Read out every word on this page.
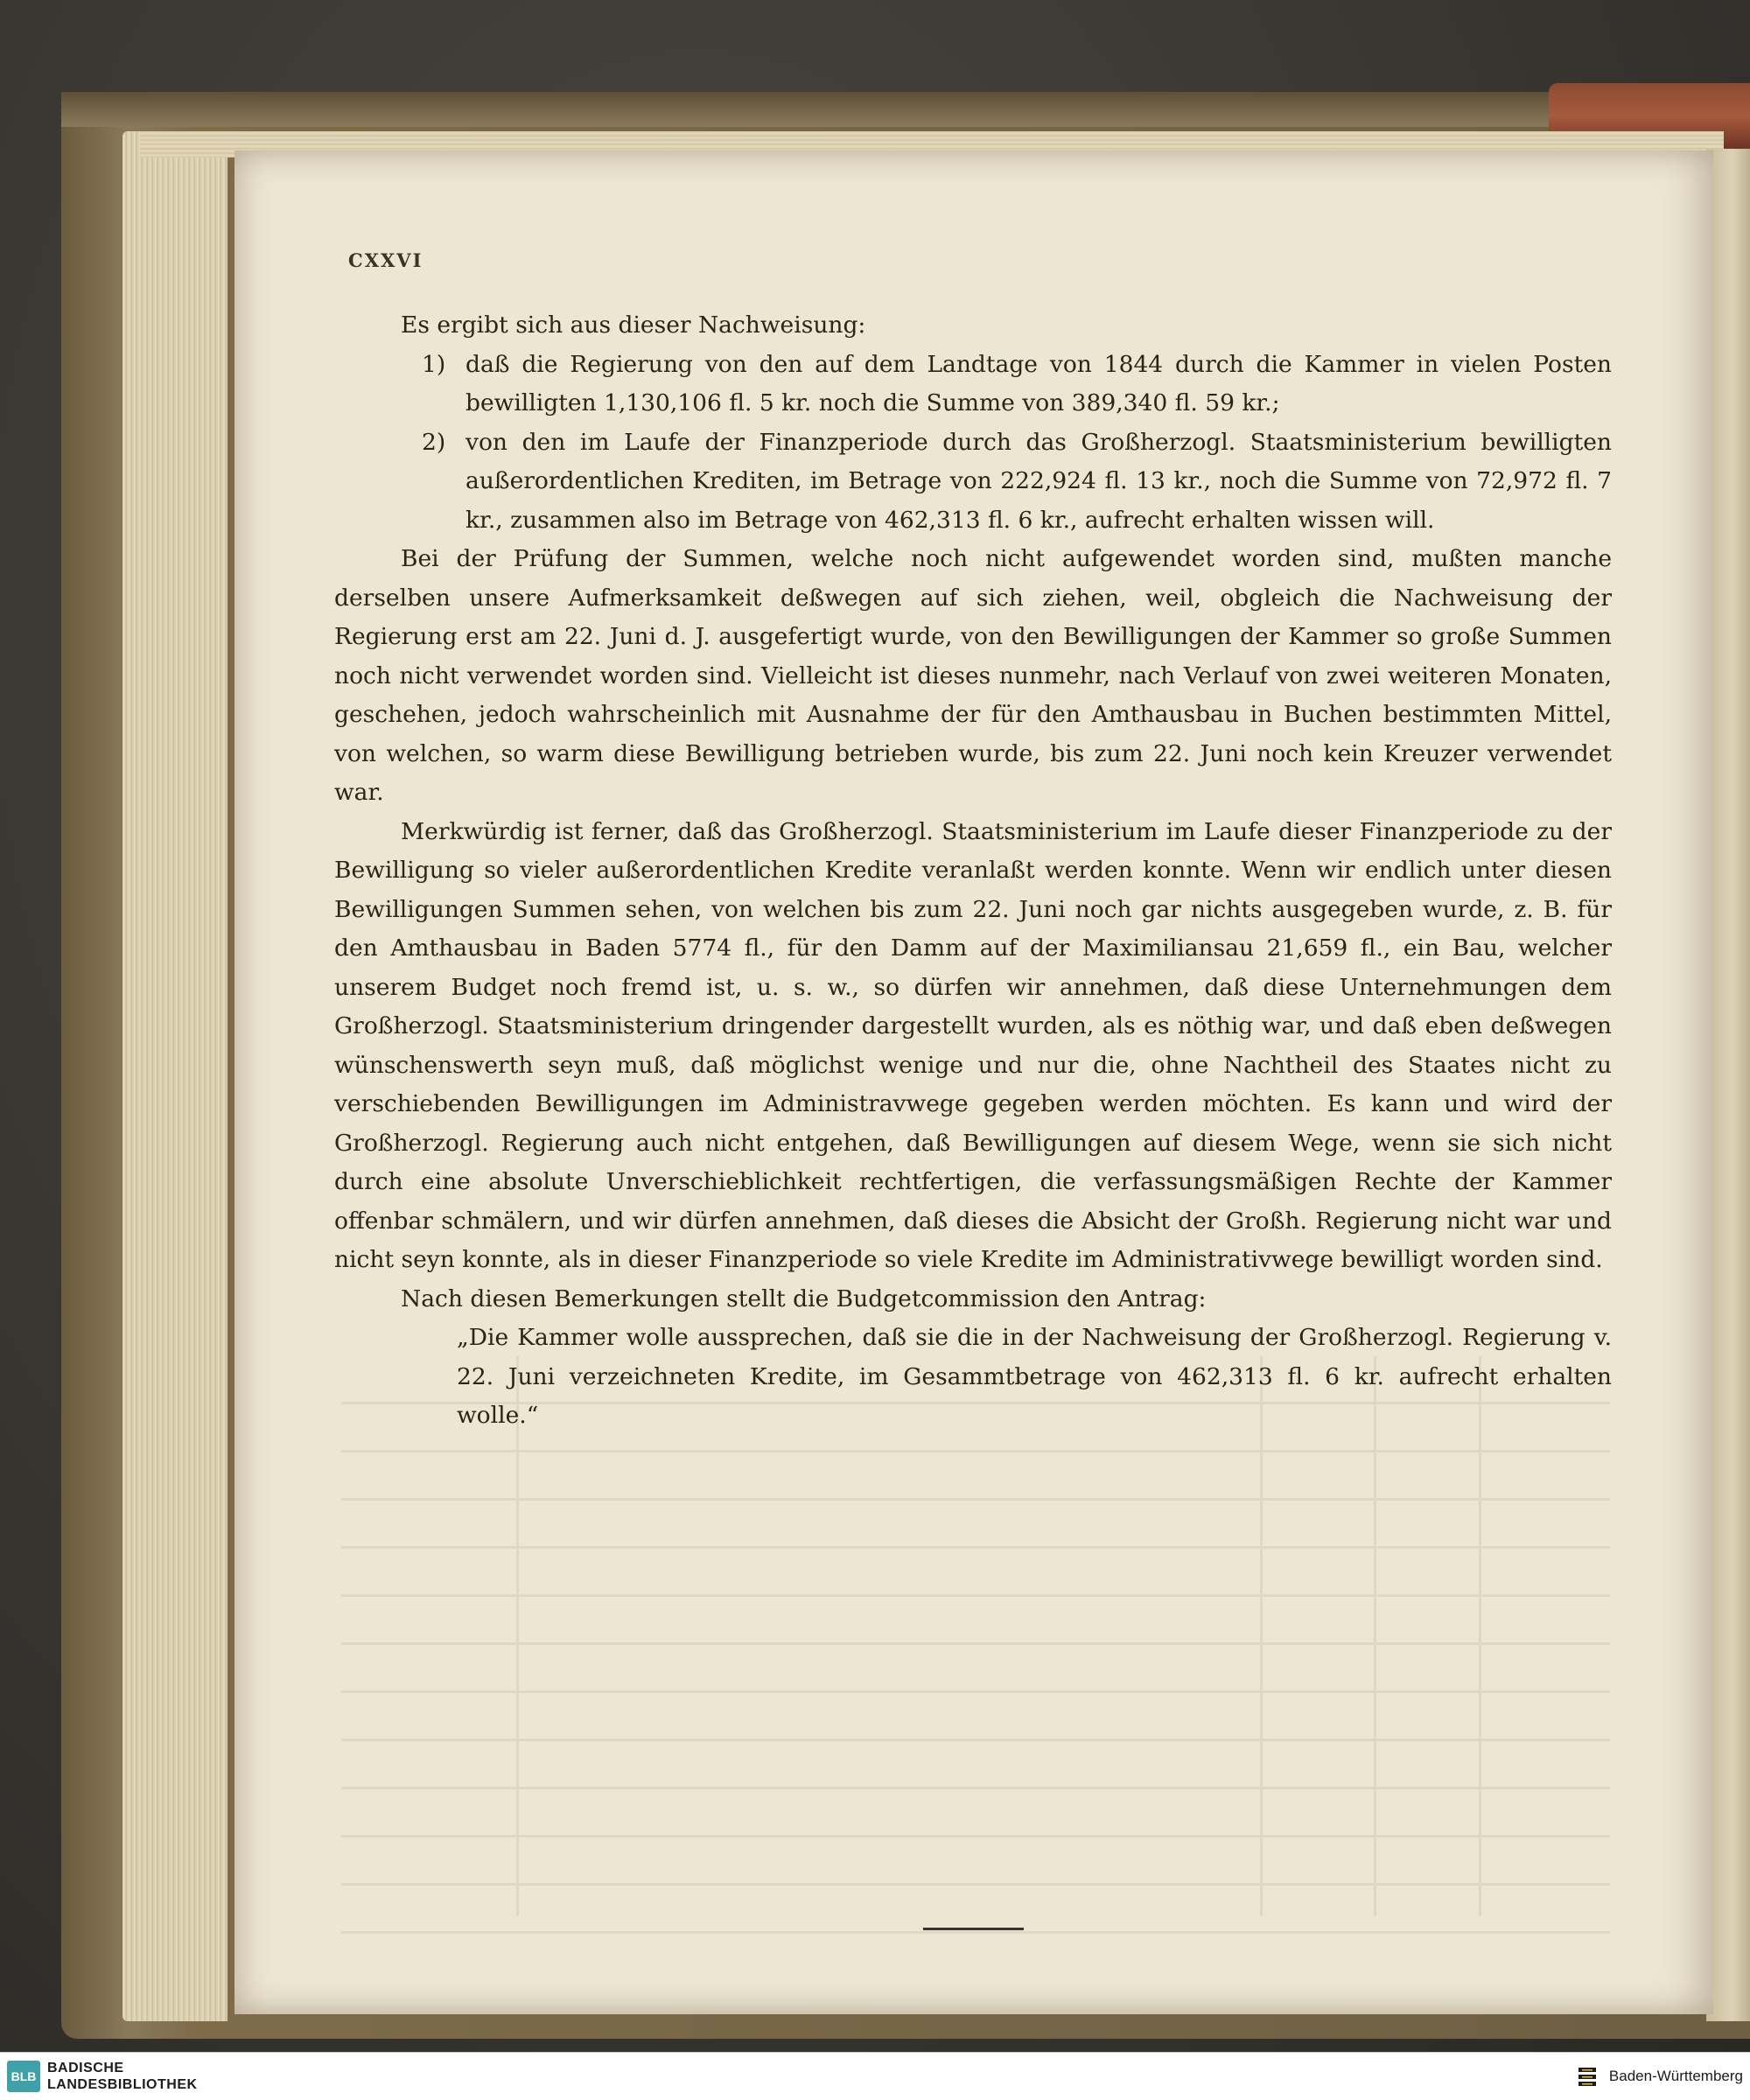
CXXVI

Es ergibt sich aus dieser Nachweisung:

1) daß die Regierung von den auf dem Landtage von 1844 durch die Kammer in vielen Posten bewilligten 1,130,106 fl. 5 kr. noch die Summe von 389,340 fl. 59 kr.;

2) von den im Laufe der Finanzperiode durch das Großherzogl. Staatsministerium bewilligten außerordentlichen Krediten, im Betrage von 222,924 fl. 13 kr., noch die Summe von 72,972 fl. 7 kr., zusammen also im Betrage von 462,313 fl. 6 kr., aufrecht erhalten wissen will.

Bei der Prüfung der Summen, welche noch nicht aufgewendet worden sind, mußten manche derselben unsere Aufmerksamkeit deßwegen auf sich ziehen, weil, obgleich die Nachweisung der Regierung erst am 22. Juni d. J. ausgefertigt wurde, von den Bewilligungen der Kammer so große Summen noch nicht verwendet worden sind. Vielleicht ist dieses nunmehr, nach Verlauf von zwei weiteren Monaten, geschehen, jedoch wahrscheinlich mit Ausnahme der für den Amthausbau in Buchen bestimmten Mittel, von welchen, so warm diese Bewilligung betrieben wurde, bis zum 22. Juni noch kein Kreuzer verwendet war.

Merkwürdig ist ferner, daß das Großherzogl. Staatsministerium im Laufe dieser Finanzperiode zu der Bewilligung so vieler außerordentlichen Kredite veranlaßt werden konnte. Wenn wir endlich unter diesen Bewilligungen Summen sehen, von welchen bis zum 22. Juni noch gar nichts ausgegeben wurde, z. B. für den Amthausbau in Baden 5774 fl., für den Damm auf der Maximiliansau 21,659 fl., ein Bau, welcher unserem Budget noch fremd ist, u. s. w., so dürfen wir annehmen, daß diese Unternehmungen dem Großherzogl. Staatsministerium dringender dargestellt wurden, als es nöthig war, und daß eben deßwegen wünschenswerth seyn muß, daß möglichst wenige und nur die, ohne Nachtheil des Staates nicht zu verschiebenden Bewilligungen im Administravwege gegeben werden möchten. Es kann und wird der Großherzogl. Regierung auch nicht entgehen, daß Bewilligungen auf diesem Wege, wenn sie sich nicht durch eine absolute Unverschieblichkeit rechtfertigen, die verfassungsmäßigen Rechte der Kammer offenbar schmälern, und wir dürfen annehmen, daß dieses die Absicht der Großh. Regierung nicht war und nicht seyn konnte, als in dieser Finanzperiode so viele Kredite im Administrativwege bewilligt worden sind.

Nach diesen Bemerkungen stellt die Budgetcommission den Antrag:

„Die Kammer wolle aussprechen, daß sie die in der Nachweisung der Großherzogl. Regierung v. 22. Juni verzeichneten Kredite, im Gesammtbetrage von 462,313 fl. 6 kr. aufrecht erhalten wolle.“

BLB
BADISCHE
LANDESBIBLIOTHEK
Baden-Württemberg
